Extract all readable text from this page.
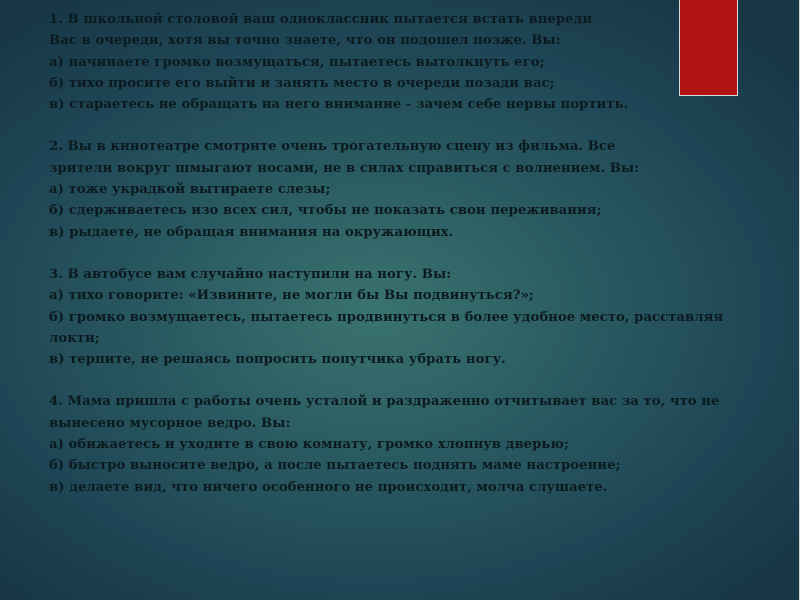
1. В школьной столовой ваш одноклассник пытается встать впереди
Вас в очереди, хотя вы точно знаете, что он подошел позже. Вы:
а) начинаете громко возмущаться, пытаетесь вытолкнуть его;
б) тихо просите его выйти и занять место в очереди позади вас;
в) стараетесь не обращать на него внимание - зачем себе нервы портить.
2. Вы в кинотеатре смотрите очень трогательную сцену из фильма. Все
зрители вокруг шмыгают носами, не в силах справиться с волнением. Вы:
а) тоже украдкой вытираете слезы;
б) сдерживаетесь изо всех сил, чтобы не показать свои переживания;
в) рыдаете, не обращая внимания на окружающих.
3. В автобусе вам случайно наступили на ногу. Вы:
а) тихо говорите: «Извините, не могли бы Вы подвинуться?»;
б) громко возмущаетесь, пытаетесь продвинуться в более удобное место, расставляя локти;
в) терпите, не решаясь попросить попутчика убрать ногу.
4. Мама пришла с работы очень усталой и раздраженно отчитывает вас за то, что не
вынесено мусорное ведро. Вы:
а) обижаетесь и уходите в свою комнату, громко хлопнув дверью;
б) быстро выносите ведро, а после пытаетесь поднять маме настроение;
в) делаете вид, что ничего особенного не происходит, молча слушаете.
